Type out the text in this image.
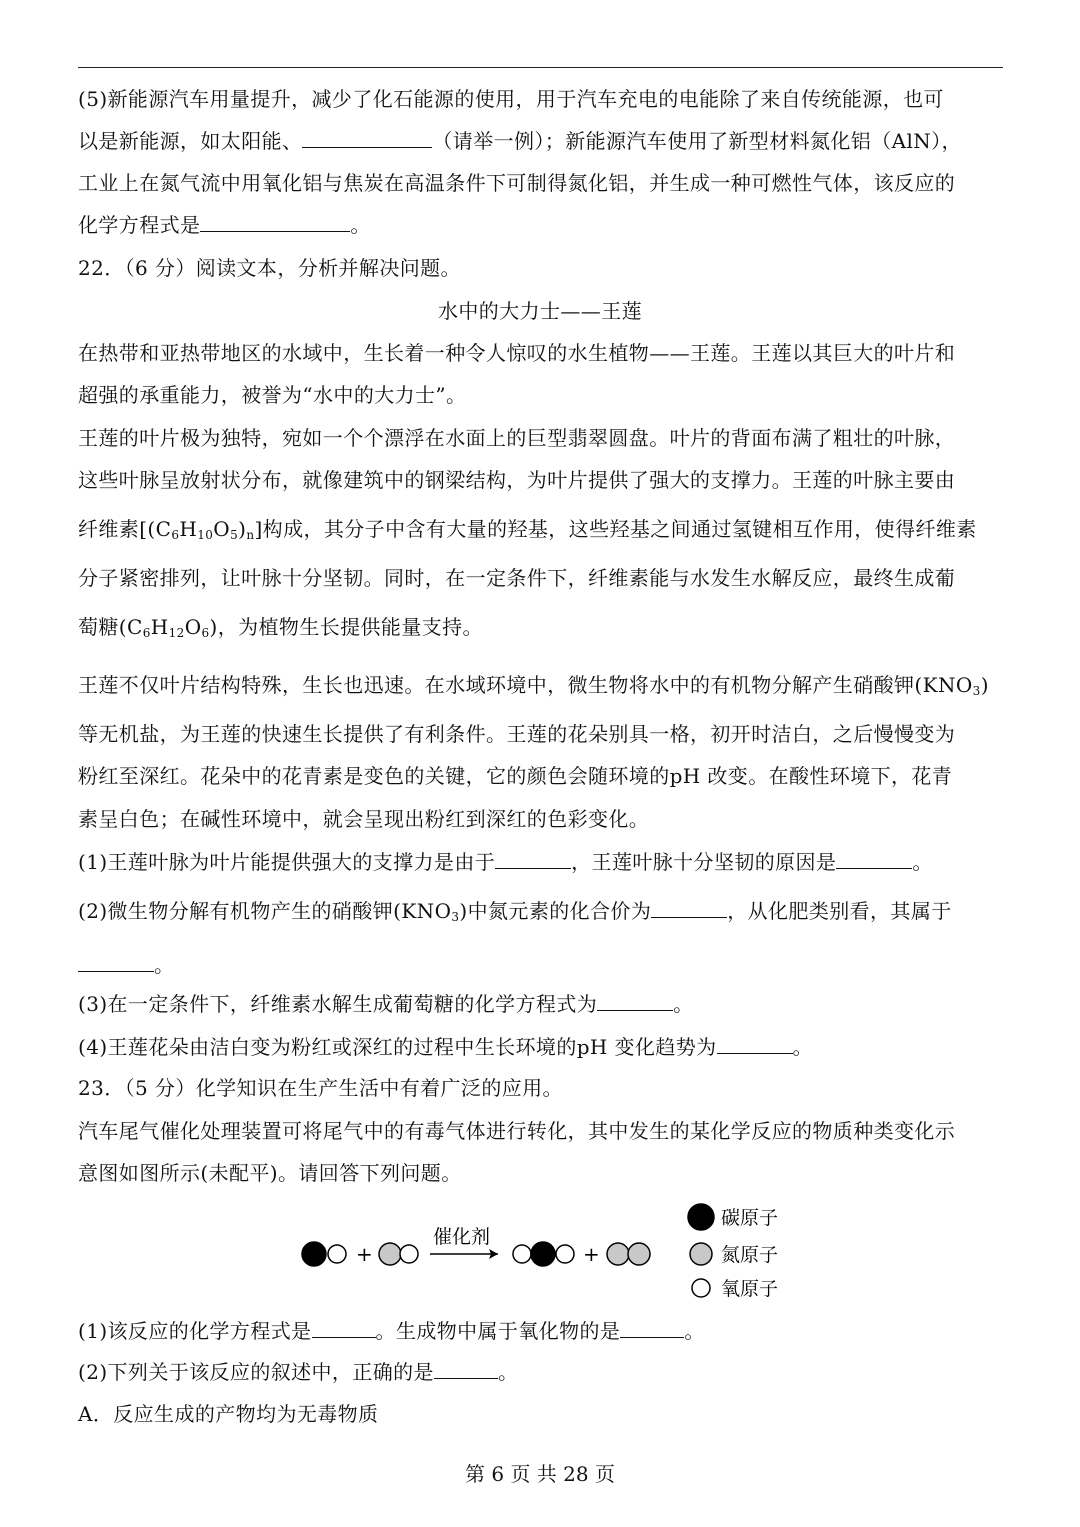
(5)新能源汽车用量提升，减少了化石能源的使用，用于汽车充电的电能除了来自传统能源，也可
以是新能源，如太阳能、	（请举一例）；新能源汽车使用了新型材料氮化铝（AlN），
工业上在氮气流中用氧化铝与焦炭在高温条件下可制得氮化铝，并生成一种可燃性气体，该反应的
化学方程式是	。
22．（6 分）阅读文本，分析并解决问题。
水中的大力士——王莲
在热带和亚热带地区的水域中，生长着一种令人惊叹的水生植物——王莲。王莲以其巨大的叶片和
超强的承重能力，被誉为“水中的大力士”。
王莲的叶片极为独特，宛如一个个漂浮在水面上的巨型翡翠圆盘。叶片的背面布满了粗壮的叶脉，
这些叶脉呈放射状分布，就像建筑中的钢梁结构，为叶片提供了强大的支撑力。王莲的叶脉主要由
纤维素$[(C_6H_{10}O_5)_n]$构成，其分子中含有大量的羟基，这些羟基之间通过氢键相互作用，使得纤维素
分子紧密排列，让叶脉十分坚韧。同时，在一定条件下，纤维素能与水发生水解反应，最终生成葡
萄糖$(C_6H_{12}O_6)$，为植物生长提供能量支持。
王莲不仅叶片结构特殊，生长也迅速。在水域环境中，微生物将水中的有机物分解产生硝酸钾$(KNO_3)$
等无机盐，为王莲的快速生长提供了有利条件。王莲的花朵别具一格，初开时洁白，之后慢慢变为
粉红至深红。花朵中的花青素是变色的关键，它的颜色会随环境的pH 改变。在酸性环境下，花青
素呈白色；在碱性环境中，就会呈现出粉红到深红的色彩变化。
(1)王莲叶脉为叶片能提供强大的支撑力是由于	，王莲叶脉十分坚韧的原因是	。
(2)微生物分解有机物产生的硝酸钾$(KNO_3)$中氮元素的化合价为	，从化肥类别看，其属于
。
(3)在一定条件下，纤维素水解生成葡萄糖的化学方程式为	。
(4)王莲花朵由洁白变为粉红或深红的过程中生长环境的pH 变化趋势为	。
23．（5 分）化学知识在生产生活中有着广泛的应用。
汽车尾气催化处理装置可将尾气中的有毒气体进行转化，其中发生的某化学反应的物质种类变化示
意图如图所示(未配平)。请回答下列问题。
+
催化剂
+
碳原子
氮原子
氧原子
(1)该反应的化学方程式是	。生成物中属于氧化物的是	。
(2)下列关于该反应的叙述中，正确的是	。
A．反应生成的产物均为无毒物质
第 6 页 共 28 页
